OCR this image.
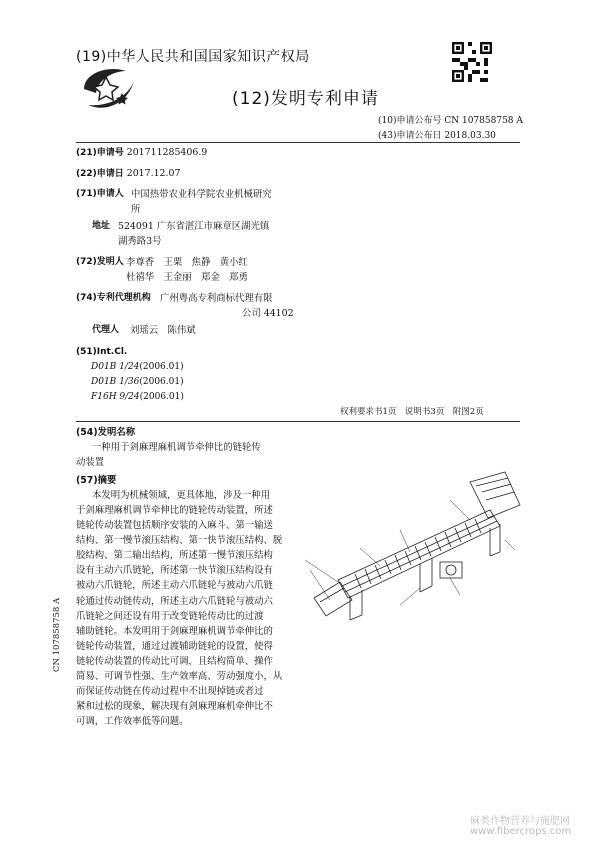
(19)中华人民共和国国家知识产权局
(12)发明专利申请
(10)申请公布号 CN 107858758 A
(43)申请公布日 2018.03.30
(21)申请号 201711285406.9
(22)申请日 2017.12.07
(71)申请人 中国热带农业科学院农业机械研究
所
地址 524091 广东省湛江市麻章区湖光镇
湖秀路3号
(72)发明人 李尊香　王栗　焦静　黄小红
杜禧华　王金丽　郑金　郑勇
(74)专利代理机构 广州粤高专利商标代理有限
公司 44102
代理人 刘瑶云　陈伟斌
(51)Int.Cl.
D01B 1/24(2006.01)
D01B 1/36(2006.01)
F16H 9/24(2006.01)
权利要求书1页　说明书3页　附图2页
(54)发明名称
一种用于剑麻理麻机调节牵伸比的链轮传
动装置
(57)摘要
本发明为机械领域，更具体地，涉及一种用
于剑麻理麻机调节牵伸比的链轮传动装置，所述
链轮传动装置包括顺序安装的入麻斗、第一输送
结构、第一慢节滚压结构、第一快节滚压结构、脱
胶结构、第二输出结构，所述第一慢节滚压结构
设有主动六爪链轮，所述第一快节滚压结构设有
被动六爪链轮，所述主动六爪链轮与被动六爪链
轮通过传动链传动，所述主动六爪链轮与被动六
爪链轮之间还设有用于改变链轮传动比的过渡
辅助链轮。本发明用于剑麻理麻机调节牵伸比的
链轮传动装置，通过过渡辅助链轮的设置，使得
链轮传动装置的传动比可调，且结构简单、操作
简易、可调节性强、生产效率高、劳动强度小，从
而保证传动链在传动过程中不出现掉链或者过
紧和过松的现象，解决现有剑麻理麻机牵伸比不
可调，工作效率低等问题。
CN 107858758 A
麻类作物营养与施肥网
www.fibercrops.com
